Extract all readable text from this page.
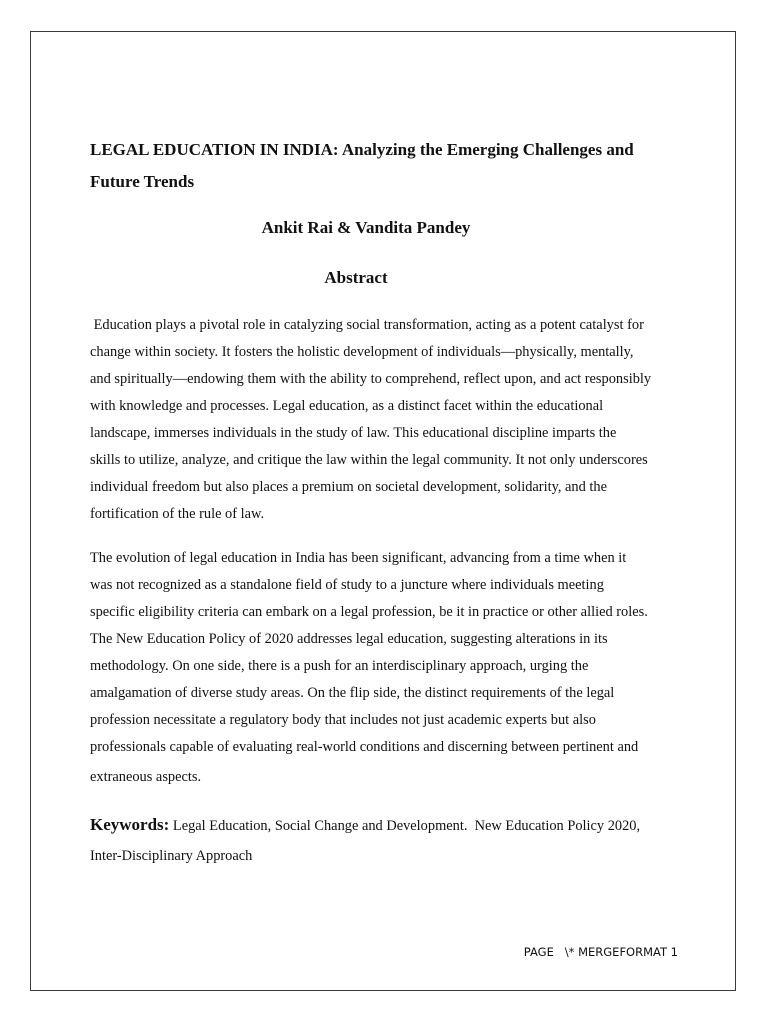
LEGAL EDUCATION IN INDIA: Analyzing the Emerging Challenges and
Future Trends

Ankit Rai & Vandita Pandey

Abstract

Education plays a pivotal role in catalyzing social transformation, acting as a potent catalyst for
change within society. It fosters the holistic development of individuals—physically, mentally,
and spiritually—endowing them with the ability to comprehend, reflect upon, and act responsibly
with knowledge and processes. Legal education, as a distinct facet within the educational
landscape, immerses individuals in the study of law. This educational discipline imparts the
skills to utilize, analyze, and critique the law within the legal community. It not only underscores
individual freedom but also places a premium on societal development, solidarity, and the
fortification of the rule of law.

The evolution of legal education in India has been significant, advancing from a time when it
was not recognized as a standalone field of study to a juncture where individuals meeting
specific eligibility criteria can embark on a legal profession, be it in practice or other allied roles.
The New Education Policy of 2020 addresses legal education, suggesting alterations in its
methodology. On one side, there is a push for an interdisciplinary approach, urging the
amalgamation of diverse study areas. On the flip side, the distinct requirements of the legal
profession necessitate a regulatory body that includes not just academic experts but also
professionals capable of evaluating real-world conditions and discerning between pertinent and
extraneous aspects.

Keywords: Legal Education, Social Change and Development.  New Education Policy 2020,
Inter-Disciplinary Approach

PAGE   \* MERGEFORMAT 1
